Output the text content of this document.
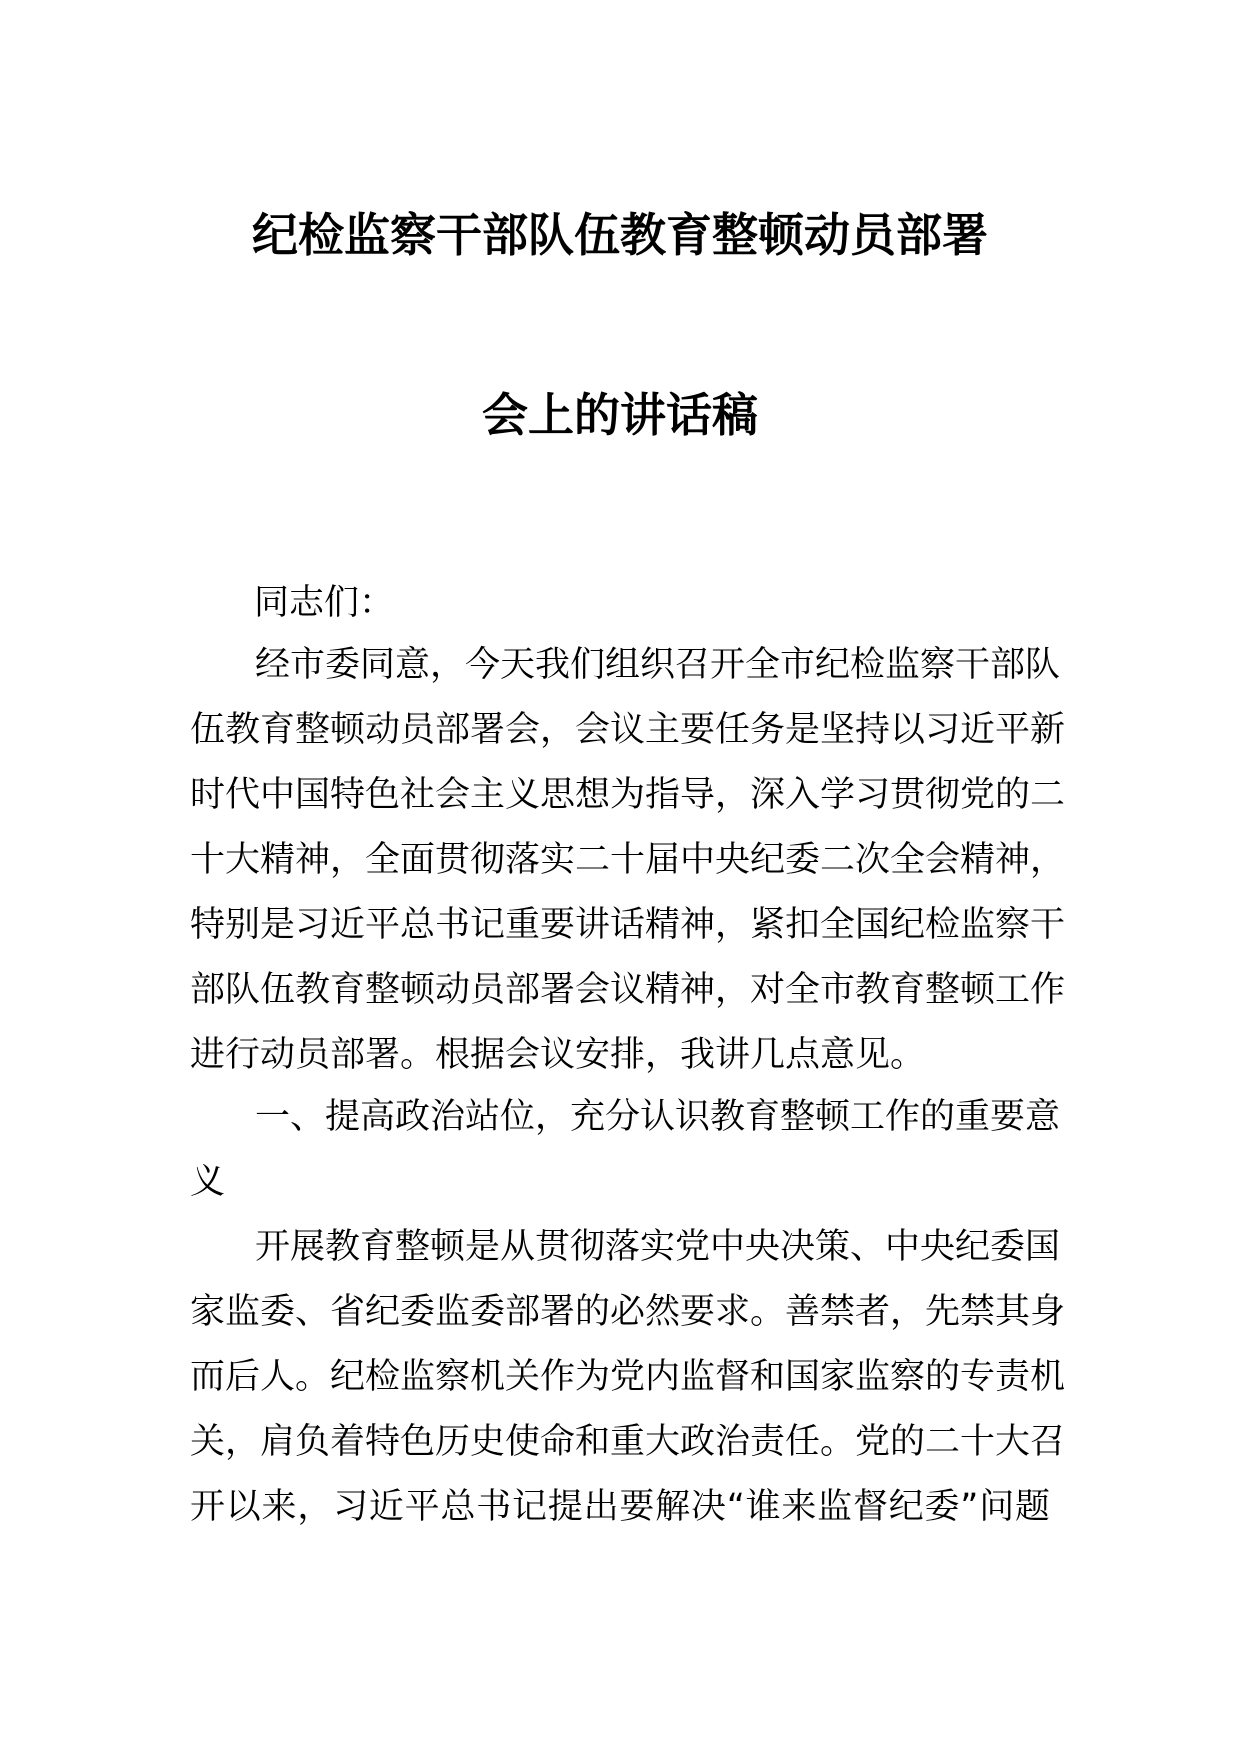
纪检监察干部队伍教育整顿动员部署
会上的讲话稿
同志们：
经市委同意，今天我们组织召开全市纪检监察干部队
伍教育整顿动员部署会，会议主要任务是坚持以习近平新
时代中国特色社会主义思想为指导，深入学习贯彻党的二
十大精神，全面贯彻落实二十届中央纪委二次全会精神，
特别是习近平总书记重要讲话精神，紧扣全国纪检监察干
部队伍教育整顿动员部署会议精神，对全市教育整顿工作
进行动员部署。根据会议安排，我讲几点意见。
一、提高政治站位，充分认识教育整顿工作的重要意
义
开展教育整顿是从贯彻落实党中央决策、中央纪委国
家监委、省纪委监委部署的必然要求。善禁者，先禁其身
而后人。纪检监察机关作为党内监督和国家监察的专责机
关，肩负着特色历史使命和重大政治责任。党的二十大召
开以来，习近平总书记提出要解决“谁来监督纪委”问题
